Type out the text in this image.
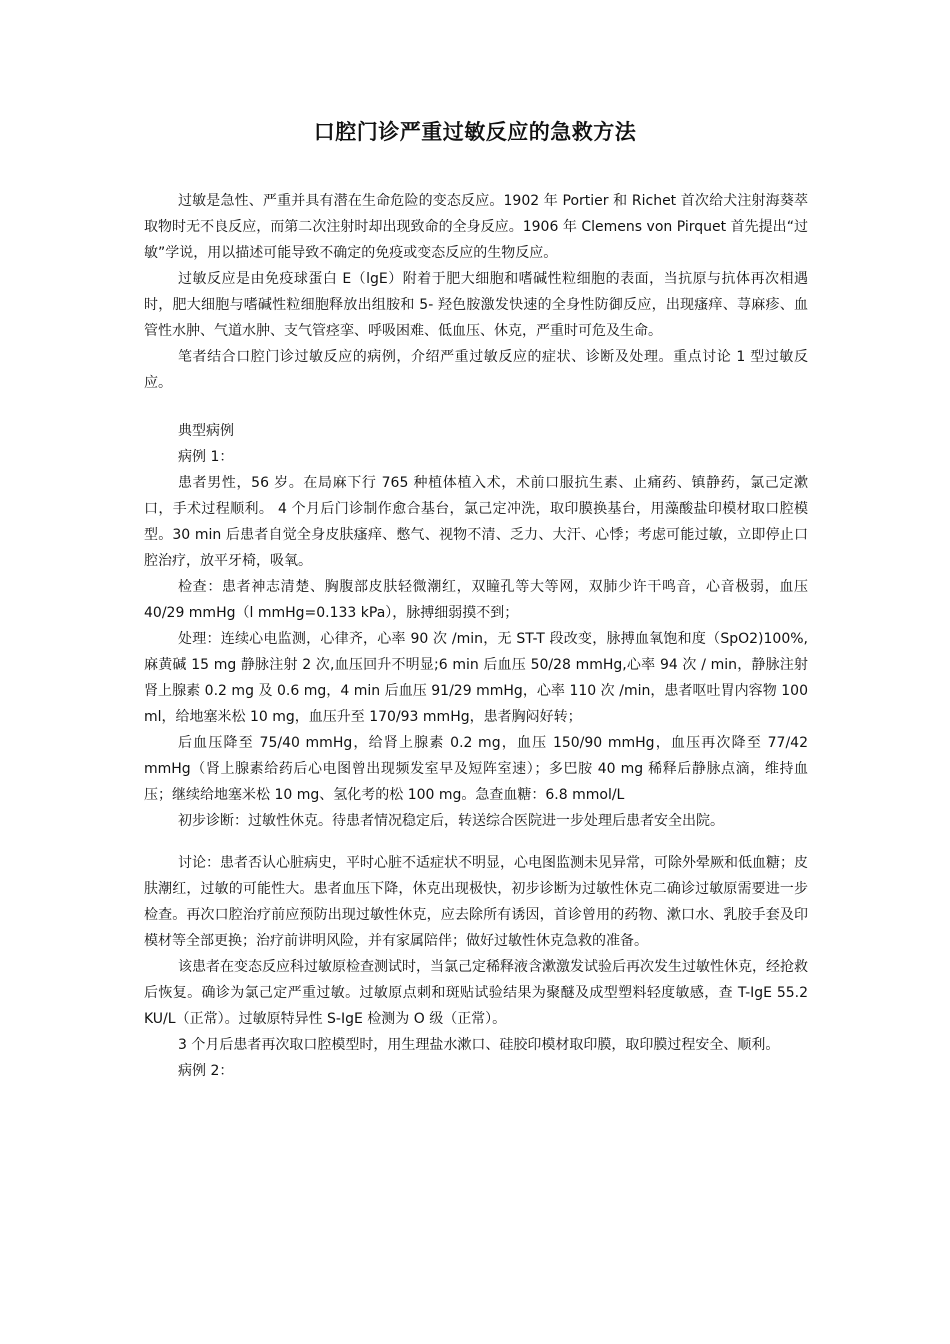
口腔门诊严重过敏反应的急救方法

过敏是急性、严重并具有潜在生命危险的变态反应。1902 年 Portier 和 Richet 首次给犬注射海葵萃取物时无不良反应，而第二次注射时却出现致命的全身反应。1906 年 Clemens von Pirquet 首先提出“过敏”学说，用以描述可能导致不确定的免疫或变态反应的生物反应。

过敏反应是由免疫球蛋白 E（lgE）附着于肥大细胞和嗜碱性粒细胞的表面，当抗原与抗体再次相遇时，肥大细胞与嗜碱性粒细胞释放出组胺和 5- 羟色胺激发快速的全身性防御反应，出现瘙痒、荨麻疹、血管性水肿、气道水肿、支气管痉挛、呼吸困难、低血压、休克，严重时可危及生命。

笔者结合口腔门诊过敏反应的病例，介绍严重过敏反应的症状、诊断及处理。重点讨论 1 型过敏反应。

典型病例

病例 1：

患者男性，56 岁。在局麻下行 765 种植体植入术，术前口服抗生素、止痛药、镇静药，氯己定漱口，手术过程顺利。 4 个月后门诊制作愈合基台，氯己定冲洗，取印膜换基台，用藻酸盐印模材取口腔模型。30 min 后患者自觉全身皮肤瘙痒、憋气、视物不清、乏力、大汗、心悸；考虑可能过敏，立即停止口腔治疗，放平牙椅，吸氧。

检查：患者神志清楚、胸腹部皮肤轻微潮红，双瞳孔等大等网，双肺少许干鸣音，心音极弱，血压 40/29 mmHg（l mmHg=0.133 kPa），脉搏细弱摸不到；

处理：连续心电监测，心律齐，心率 90 次 /min，无 ST-T 段改变，脉搏血氧饱和度（SpO2)100%,麻黄碱 15 mg 静脉注射 2 次,血压回升不明显;6 min 后血压 50/28 mmHg,心率 94 次 / min，静脉注射肾上腺素 0.2 mg 及 0.6 mg，4 min 后血压 91/29 mmHg，心率 110 次 /min，患者呕吐胃内容物 100 ml，给地塞米松 10 mg，血压升至 170/93 mmHg，患者胸闷好转；

后血压降至 75/40 mmHg，给肾上腺素 0.2 mg，血压 150/90 mmHg，血压再次降至 77/42 mmHg（肾上腺素给药后心电图曾出现频发室早及短阵室速）；多巴胺 40 mg 稀释后静脉点滴，维持血压；继续给地塞米松 10 mg、氢化考的松 100 mg。急查血糖：6.8 mmol/L

初步诊断：过敏性休克。待患者情况稳定后，转送综合医院进一步处理后患者安全出院。

讨论：患者否认心脏病史，平时心脏不适症状不明显，心电图监测未见异常，可除外晕厥和低血糖；皮肤潮红，过敏的可能性大。患者血压下降，休克出现极快，初步诊断为过敏性休克二确诊过敏原需要进一步检查。再次口腔治疗前应预防出现过敏性休克，应去除所有诱因，首诊曾用的药物、漱口水、乳胶手套及印模材等全部更换；治疗前讲明风险，并有家属陪伴；做好过敏性休克急救的准备。

该患者在变态反应科过敏原检查测试时，当氯己定稀释液含漱激发试验后再次发生过敏性休克，经抢救后恢复。确诊为氯己定严重过敏。过敏原点刺和斑贴试验结果为聚醚及成型塑料轻度敏感，查 T-IgE 55.2 KU/L（正常）。过敏原特异性 S-IgE 检测为 O 级（正常）。

3 个月后患者再次取口腔模型时，用生理盐水漱口、硅胶印模材取印膜，取印膜过程安全、顺利。

病例 2：
